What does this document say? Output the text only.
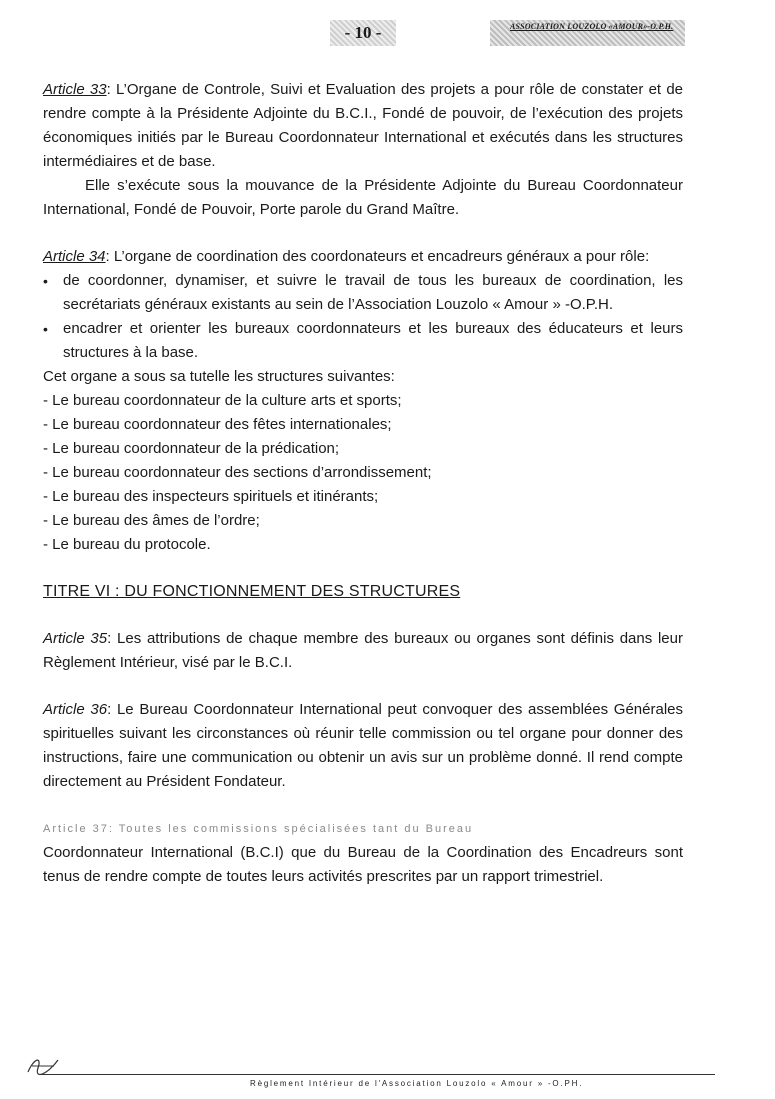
- 10 -	ASSOCIATION LOUZOLO «AMOUR»-O.P.H.

Article 33: L’Organe de Controle, Suivi et Evaluation des projets a pour rôle de constater et de rendre compte à la Présidente Adjointe du B.C.I., Fondé de pouvoir, de l’exécution des projets économiques initiés par le Bureau Coordonnateur International et exécutés dans les structures intermédiaires et de base.

Elle s’exécute sous la mouvance de la Présidente Adjointe du Bureau Coordonnateur International, Fondé de Pouvoir, Porte parole du Grand Maître.

Article 34: L’organe de coordination des coordonateurs et encadreurs généraux a pour rôle:

• de coordonner, dynamiser, et suivre le travail de tous les bureaux de coordination, les secrétariats généraux existants au sein de l’Association Louzolo « Amour » -O.P.H.
• encadrer et orienter les bureaux coordonnateurs et les bureaux des éducateurs et leurs structures à la base.

Cet organe a sous sa tutelle les structures suivantes:

- Le bureau coordonnateur de la culture arts et sports;
- Le bureau coordonnateur des fêtes internationales;
- Le bureau coordonnateur de la prédication;
- Le bureau coordonnateur des sections d’arrondissement;
- Le bureau des inspecteurs spirituels et itinérants;
- Le bureau des âmes de l’ordre;
- Le bureau du protocole.

TITRE VI : DU FONCTIONNEMENT DES STRUCTURES

Article 35: Les attributions de chaque membre des bureaux ou organes sont définis dans leur Règlement Intérieur, visé par le B.C.I.

Article 36: Le Bureau Coordonnateur International peut convoquer des assemblées Générales spirituelles suivant les circonstances où réunir telle commission ou tel organe pour donner des instructions, faire une communication ou obtenir un avis sur un problème donné. Il rend compte directement au Président Fondateur.

Article 37: Toutes les commissions spécialisées tant du Bureau

Coordonnateur International (B.C.I) que du Bureau de la Coordination des Encadreurs sont tenus de rendre compte de toutes leurs activités prescrites par un rapport trimestriel.

Règlement Intérieur de l'Association Louzolo « Amour » -O.PH.
